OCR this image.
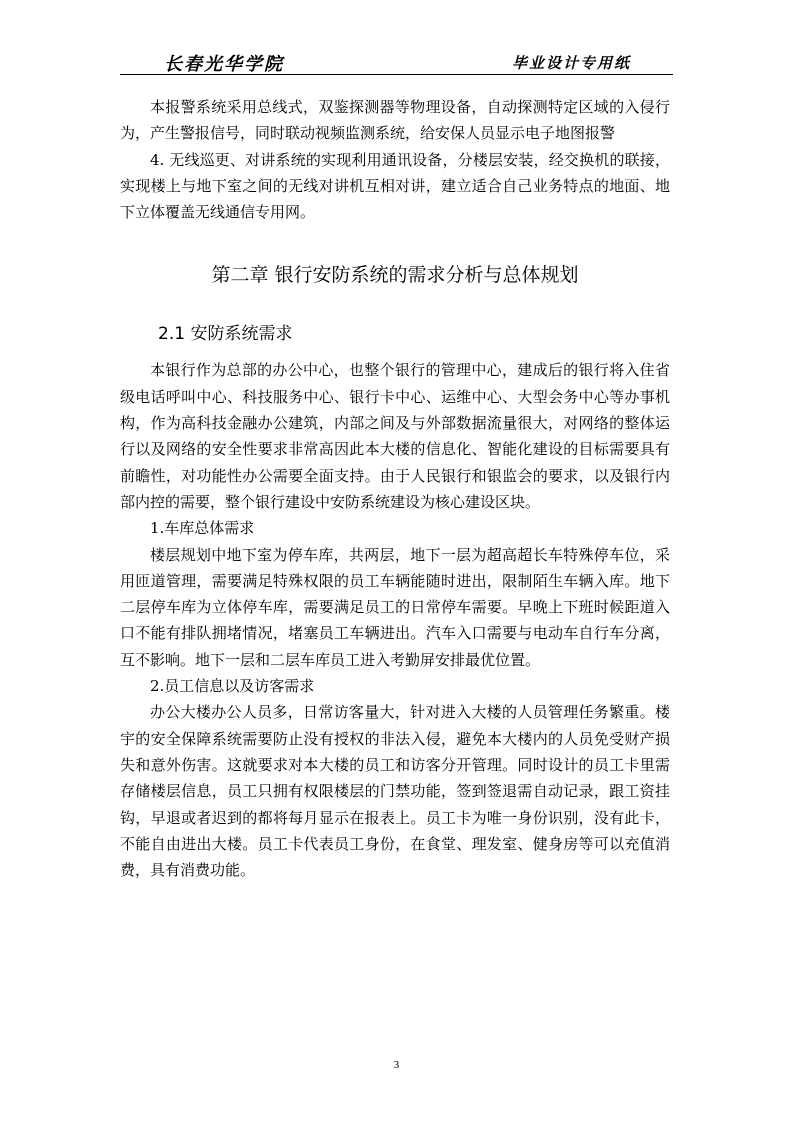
长春光华学院	毕业设计专用纸

本报警系统采用总线式，双鉴探测器等物理设备，自动探测特定区域的入侵行为，产生警报信号，同时联动视频监测系统，给安保人员显示电子地图报警

4. 无线巡更、对讲系统的实现利用通讯设备，分楼层安装，经交换机的联接，实现楼上与地下室之间的无线对讲机互相对讲，建立适合自己业务特点的地面、地下立体覆盖无线通信专用网。

第二章 银行安防系统的需求分析与总体规划
2.1 安防系统需求

本银行作为总部的办公中心，也整个银行的管理中心，建成后的银行将入住省级电话呼叫中心、科技服务中心、银行卡中心、运维中心、大型会务中心等办事机构，作为高科技金融办公建筑，内部之间及与外部数据流量很大，对网络的整体运行以及网络的安全性要求非常高因此本大楼的信息化、智能化建设的目标需要具有前瞻性，对功能性办公需要全面支持。由于人民银行和银监会的要求，以及银行内部内控的需要，整个银行建设中安防系统建设为核心建设区块。

1.车库总体需求

楼层规划中地下室为停车库，共两层，地下一层为超高超长车特殊停车位，采用匝道管理，需要满足特殊权限的员工车辆能随时进出，限制陌生车辆入库。地下二层停车库为立体停车库，需要满足员工的日常停车需要。早晚上下班时候距道入口不能有排队拥堵情况，堵塞员工车辆进出。汽车入口需要与电动车自行车分离，互不影响。地下一层和二层车库员工进入考勤屏安排最优位置。

2.员工信息以及访客需求

办公大楼办公人员多，日常访客量大，针对进入大楼的人员管理任务繁重。楼宇的安全保障系统需要防止没有授权的非法入侵，避免本大楼内的人员免受财产损失和意外伤害。这就要求对本大楼的员工和访客分开管理。同时设计的员工卡里需存储楼层信息，员工只拥有权限楼层的门禁功能，签到签退需自动记录，跟工资挂钩，早退或者迟到的都将每月显示在报表上。员工卡为唯一身份识别，没有此卡，不能自由进出大楼。员工卡代表员工身份，在食堂、理发室、健身房等可以充值消费，具有消费功能。

3
